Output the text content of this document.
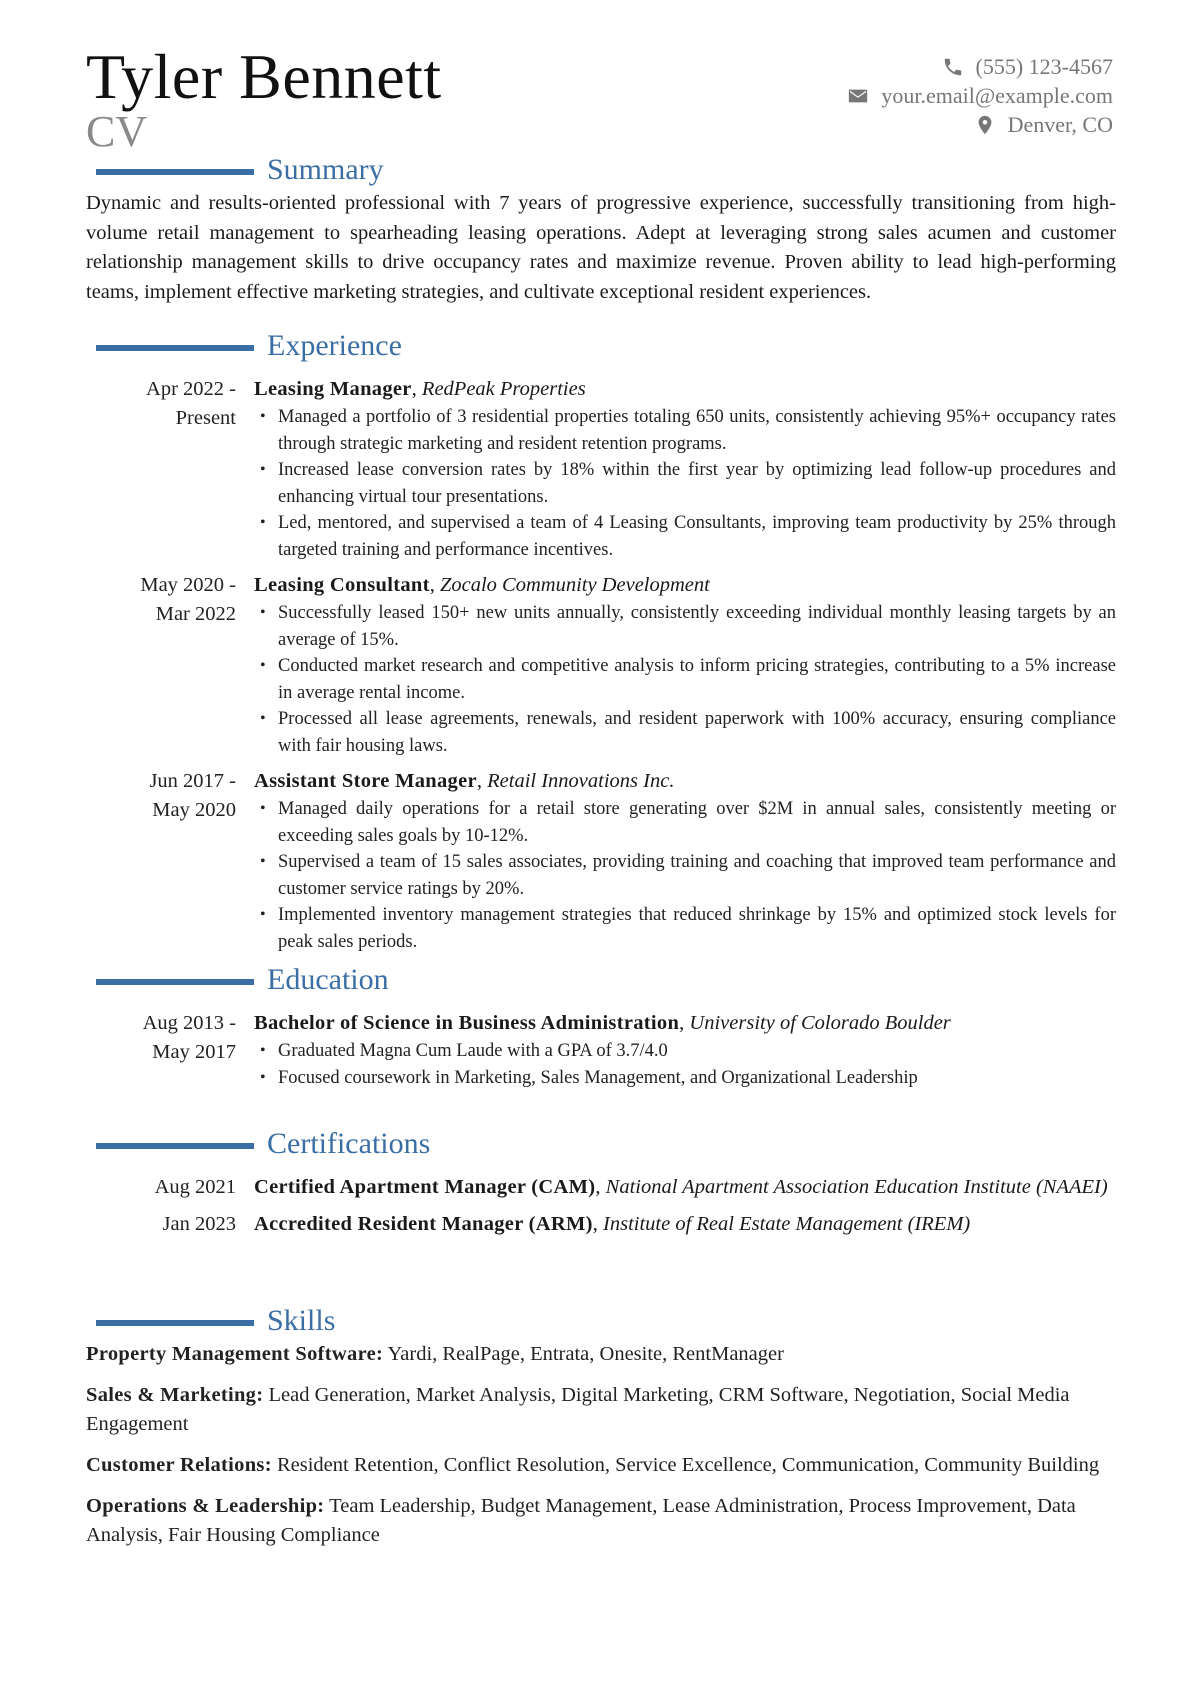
Tyler Bennett
CV
(555) 123-4567
your.email@example.com
Denver, CO
Summary
Dynamic and results-oriented professional with 7 years of progressive experience, successfully transitioning from high-volume retail management to spearheading leasing operations. Adept at leveraging strong sales acumen and customer relationship management skills to drive occupancy rates and maximize revenue. Proven ability to lead high-performing teams, implement effective marketing strategies, and cultivate exceptional resident experiences.
Experience
Apr 2022 -
Present
Leasing Manager, RedPeak Properties
• Managed a portfolio of 3 residential properties totaling 650 units, consistently achieving 95%+ occupancy rates through strategic marketing and resident retention programs.
• Increased lease conversion rates by 18% within the first year by optimizing lead follow-up procedures and enhancing virtual tour presentations.
• Led, mentored, and supervised a team of 4 Leasing Consultants, improving team productivity by 25% through targeted training and performance incentives.
May 2020 -
Mar 2022
Leasing Consultant, Zocalo Community Development
• Successfully leased 150+ new units annually, consistently exceeding individual monthly leasing targets by an average of 15%.
• Conducted market research and competitive analysis to inform pricing strategies, contributing to a 5% increase in average rental income.
• Processed all lease agreements, renewals, and resident paperwork with 100% accuracy, ensuring compliance with fair housing laws.
Jun 2017 -
May 2020
Assistant Store Manager, Retail Innovations Inc.
• Managed daily operations for a retail store generating over $2M in annual sales, consistently meeting or exceeding sales goals by 10-12%.
• Supervised a team of 15 sales associates, providing training and coaching that improved team performance and customer service ratings by 20%.
• Implemented inventory management strategies that reduced shrinkage by 15% and optimized stock levels for peak sales periods.
Education
Aug 2013 -
May 2017
Bachelor of Science in Business Administration, University of Colorado Boulder
• Graduated Magna Cum Laude with a GPA of 3.7/4.0
• Focused coursework in Marketing, Sales Management, and Organizational Leadership
Certifications
Aug 2021 Certified Apartment Manager (CAM), National Apartment Association Education Institute (NAAEI)
Jan 2023 Accredited Resident Manager (ARM), Institute of Real Estate Management (IREM)
Skills
Property Management Software: Yardi, RealPage, Entrata, Onesite, RentManager
Sales & Marketing: Lead Generation, Market Analysis, Digital Marketing, CRM Software, Negotiation, Social Media Engagement
Customer Relations: Resident Retention, Conflict Resolution, Service Excellence, Communication, Community Building
Operations & Leadership: Team Leadership, Budget Management, Lease Administration, Process Improvement, Data Analysis, Fair Housing Compliance
